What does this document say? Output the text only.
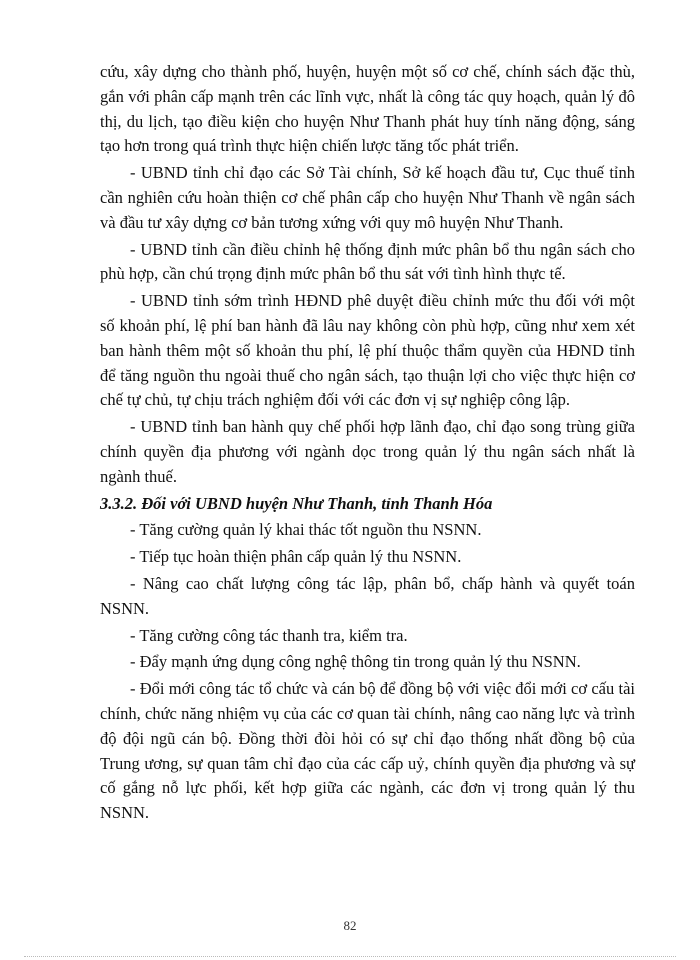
cứu, xây dựng cho thành phố, huyện, huyện một số cơ chế, chính sách đặc thù, gắn với phân cấp mạnh trên các lĩnh vực, nhất là công tác quy hoạch, quản lý đô thị, du lịch, tạo điều kiện cho huyện Như Thanh phát huy tính năng động, sáng tạo hơn trong quá trình thực hiện chiến lược tăng tốc phát triển.

- UBND tỉnh chỉ đạo các Sở Tài chính, Sở kế hoạch đầu tư, Cục thuế tỉnh cần nghiên cứu hoàn thiện cơ chế phân cấp cho huyện Như Thanh về ngân sách và đầu tư xây dựng cơ bản tương xứng với quy mô huyện Như Thanh.

- UBND tỉnh cần điều chỉnh hệ thống định mức phân bổ thu ngân sách cho phù hợp, cần chú trọng định mức phân bổ thu sát với tình hình thực tế.

- UBND tỉnh sớm trình HĐND phê duyệt điều chỉnh mức thu đối với một số khoản phí, lệ phí ban hành đã lâu nay không còn phù hợp, cũng như xem xét ban hành thêm một số khoản thu phí, lệ phí thuộc thẩm quyền của HĐND tỉnh để tăng nguồn thu ngoài thuế cho ngân sách, tạo thuận lợi cho việc thực hiện cơ chế tự chủ, tự chịu trách nghiệm đối với các đơn vị sự nghiệp công lập.

- UBND tỉnh ban hành quy chế phối hợp lãnh đạo, chỉ đạo song trùng giữa chính quyền địa phương với ngành dọc trong quản lý thu ngân sách nhất là ngành thuế.

3.3.2. Đối với UBND huyện Như Thanh, tỉnh Thanh Hóa

- Tăng cường quản lý khai thác tốt nguồn thu NSNN.

- Tiếp tục hoàn thiện phân cấp quản lý thu NSNN.

- Nâng cao chất lượng công tác lập, phân bổ, chấp hành và quyết toán NSNN.

- Tăng cường công tác thanh tra, kiểm tra.

- Đẩy mạnh ứng dụng công nghệ thông tin trong quản lý thu NSNN.

- Đổi mới công tác tổ chức và cán bộ để đồng bộ với việc đổi mới cơ cấu tài chính, chức năng nhiệm vụ của các cơ quan tài chính, nâng cao năng lực và trình độ đội ngũ cán bộ. Đồng thời đòi hỏi có sự chỉ đạo thống nhất đồng bộ của Trung ương, sự quan tâm chỉ đạo của các cấp uỷ, chính quyền địa phương và sự cố gắng nỗ lực phối, kết hợp giữa các ngành, các đơn vị trong quản lý thu NSNN.

82
